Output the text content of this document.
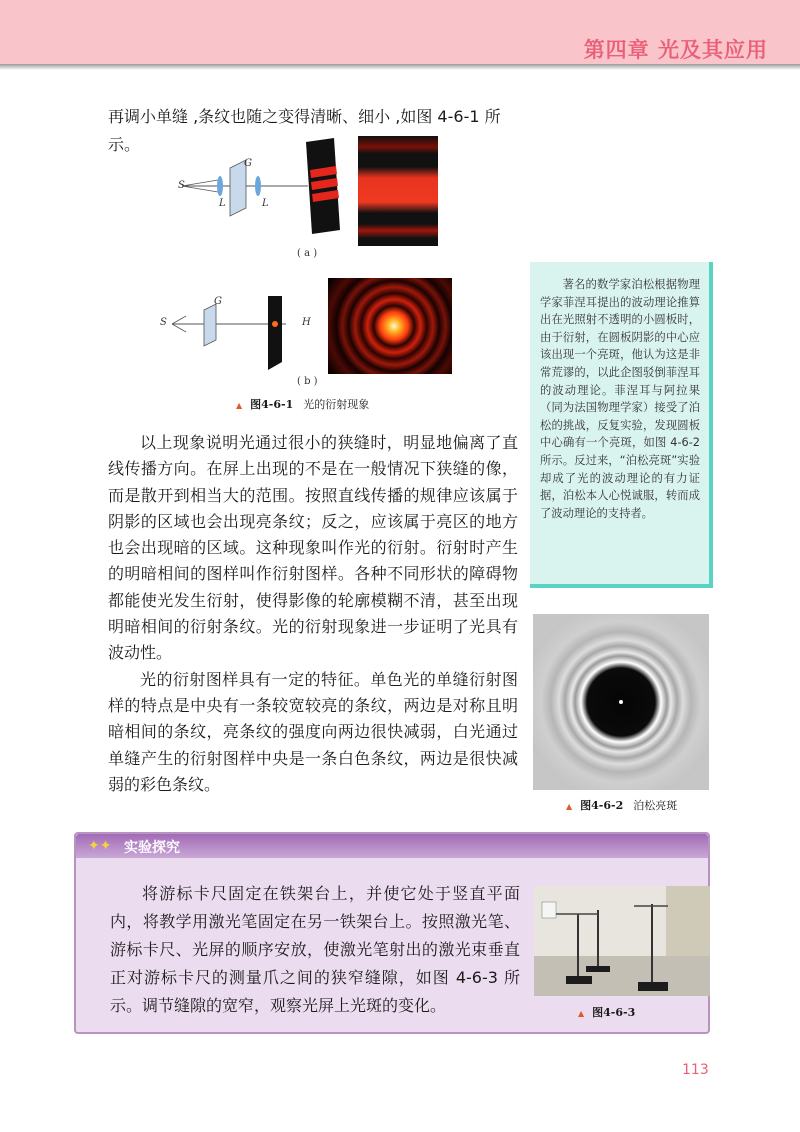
第四章 光及其应用
再调小单缝 ,条纹也随之变得清晰、细小 ,如图 4-6-1 所示。
S
G
L	L
( a )
S
G
H
( b )
▲ 图4-6-1 光的衍射现象

以上现象说明光通过很小的狭缝时，明显地偏离了直线传播方向。在屏上出现的不是在一般情况下狭缝的像，而是散开到相当大的范围。按照直线传播的规律应该属于阴影的区域也会出现亮条纹；反之，应该属于亮区的地方也会出现暗的区域。这种现象叫作光的衍射。衍射时产生的明暗相间的图样叫作衍射图样。各种不同形状的障碍物都能使光发生衍射，使得影像的轮廓模糊不清，甚至出现明暗相间的衍射条纹。光的衍射现象进一步证明了光具有波动性。

光的衍射图样具有一定的特征。单色光的单缝衍射图样的特点是中央有一条较宽较亮的条纹，两边是对称且明暗相间的条纹，亮条纹的强度向两边很快减弱，白光通过单缝产生的衍射图样中央是一条白色条纹，两边是很快减弱的彩色条纹。

著名的数学家泊松根据物理学家菲涅耳提出的波动理论推算出在光照射不透明的小圆板时，由于衍射，在圆板阴影的中心应该出现一个亮斑，他认为这是非常荒谬的，以此企图驳倒菲涅耳的波动理论。菲涅耳与阿拉果（同为法国物理学家）接受了泊松的挑战，反复实验，发现圆板中心确有一个亮斑，如图 4-6-2 所示。反过来，“泊松亮斑”实验却成了光的波动理论的有力证据，泊松本人心悦诚服，转而成了波动理论的支持者。
▲ 图4-6-2 泊松亮斑
✦✦ 实验探究
将游标卡尺固定在铁架台上，并使它处于竖直平面内，将教学用激光笔固定在另一铁架台上。按照激光笔、游标卡尺、光屏的顺序安放，使激光笔射出的激光束垂直正对游标卡尺的测量爪之间的狭窄缝隙，如图 4-6-3 所示。调节缝隙的宽窄，观察光屏上光斑的变化。	▲ 图4-6-3
113
